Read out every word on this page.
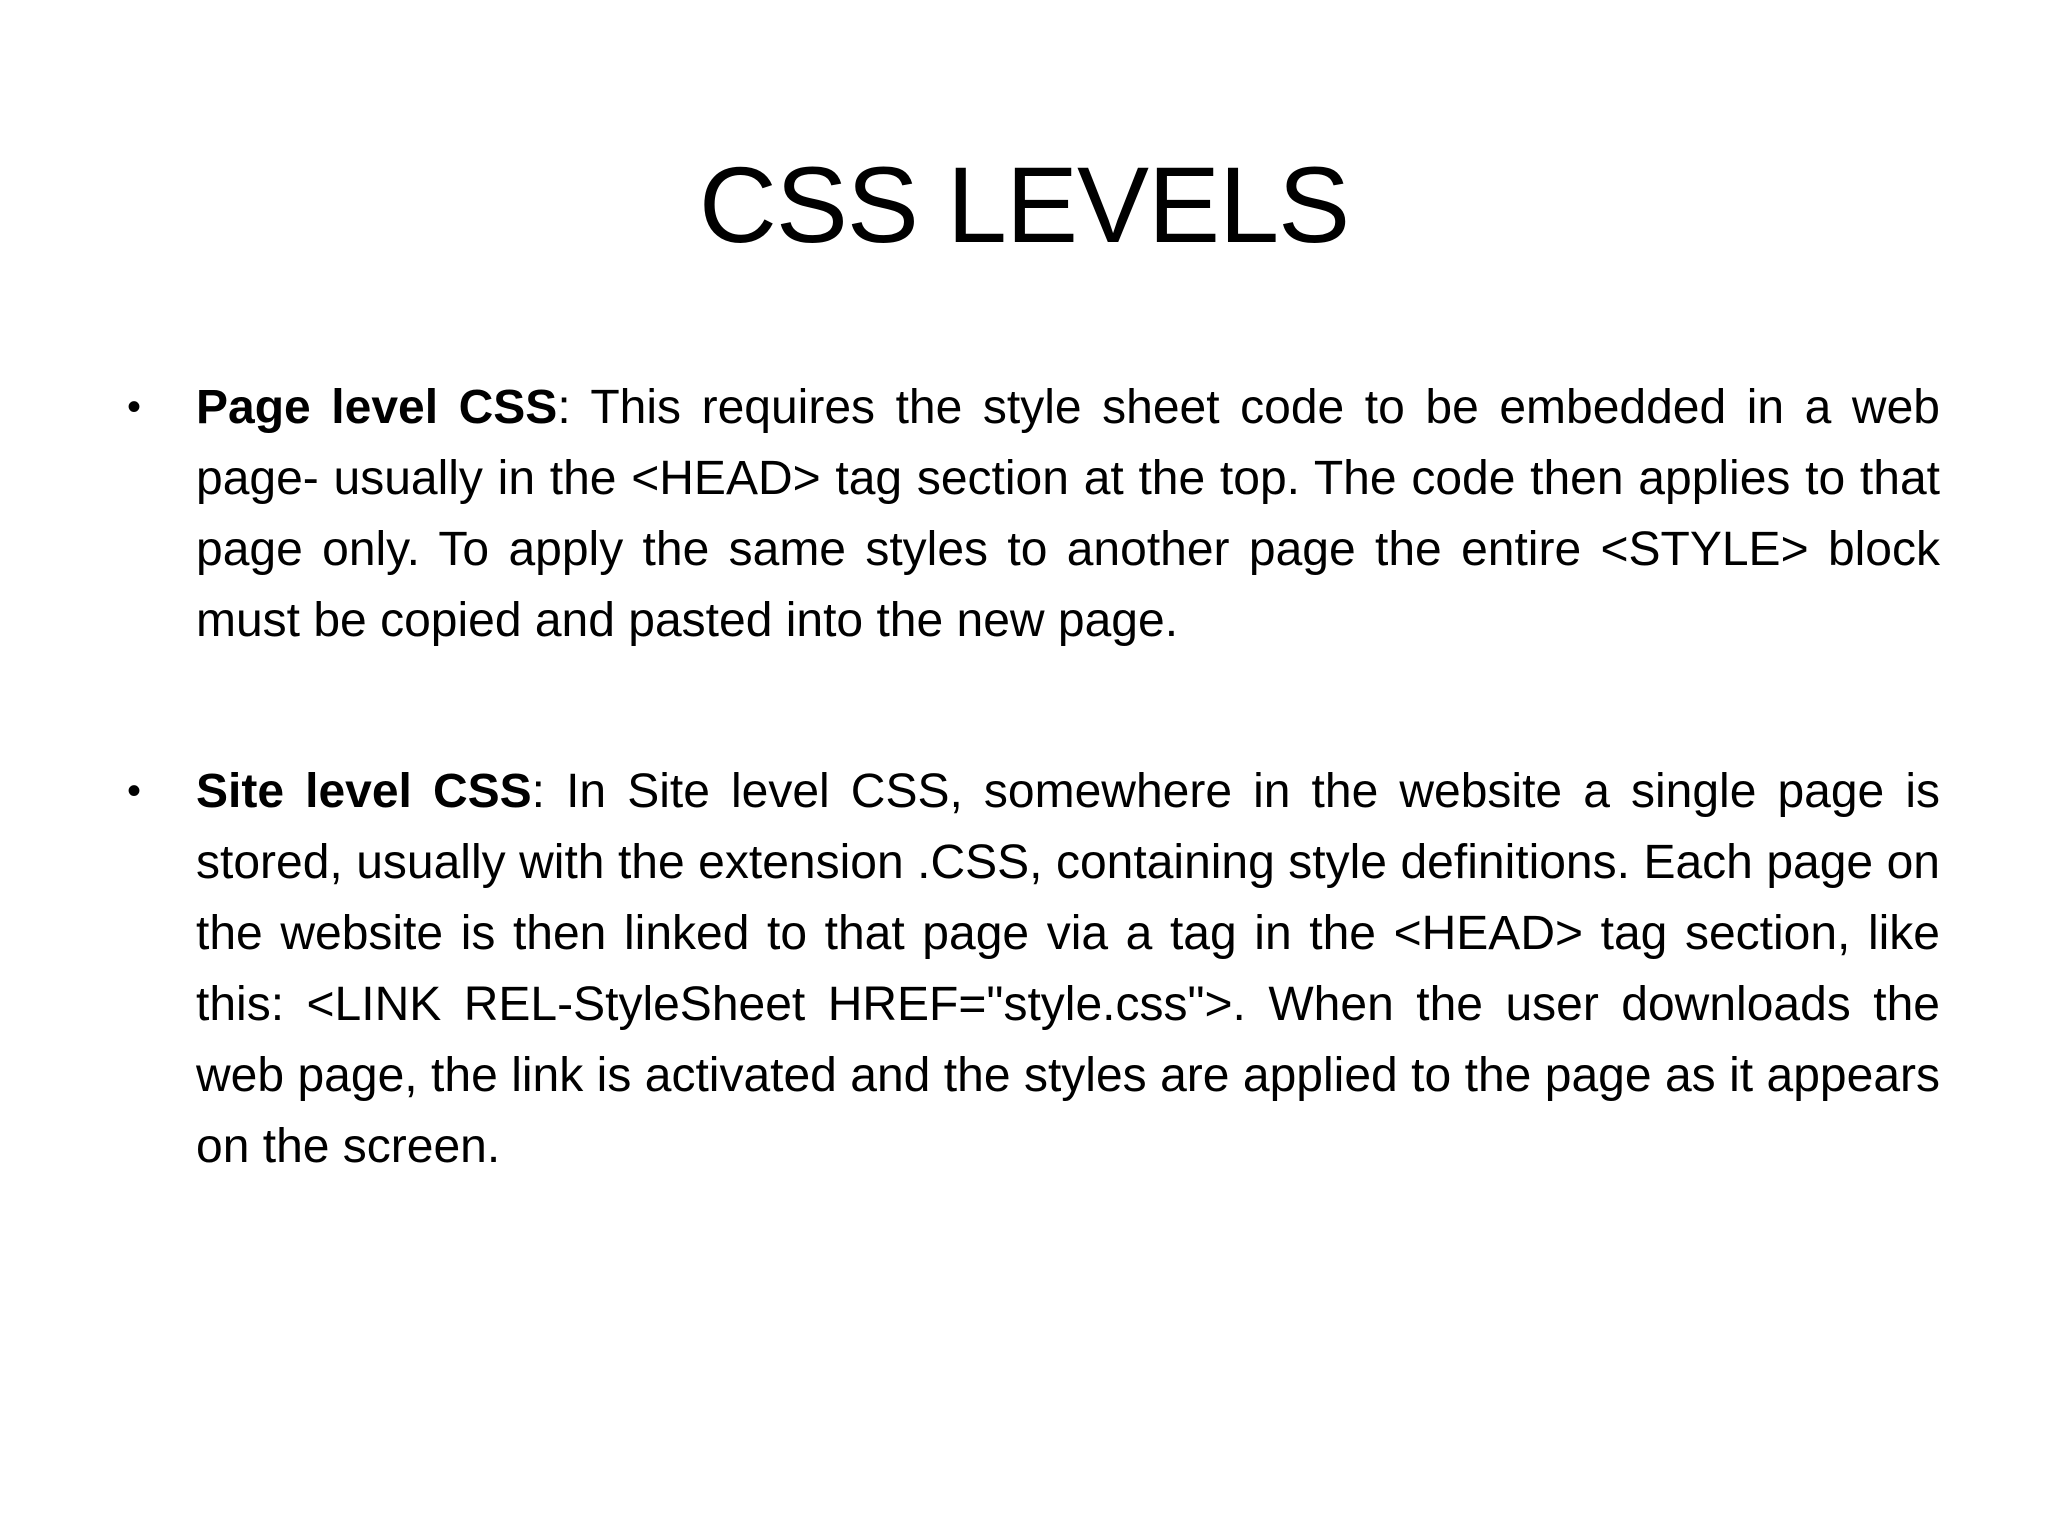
CSS LEVELS
•	Page level CSS: This requires the style sheet code to be embedded in a web page- usually in the <HEAD> tag section at the top. The code then applies to that page only. To apply the same styles to another page the entire <STYLE> block must be copied and pasted into the new page.
•	Site level CSS: In Site level CSS, somewhere in the website a single page is stored, usually with the extension .CSS, containing style definitions. Each page on the website is then linked to that page via a tag in the <HEAD> tag section, like this: <LINK REL-StyleSheet HREF="style.css">. When the user downloads the web page, the link is activated and the styles are applied to the page as it appears on the screen.
